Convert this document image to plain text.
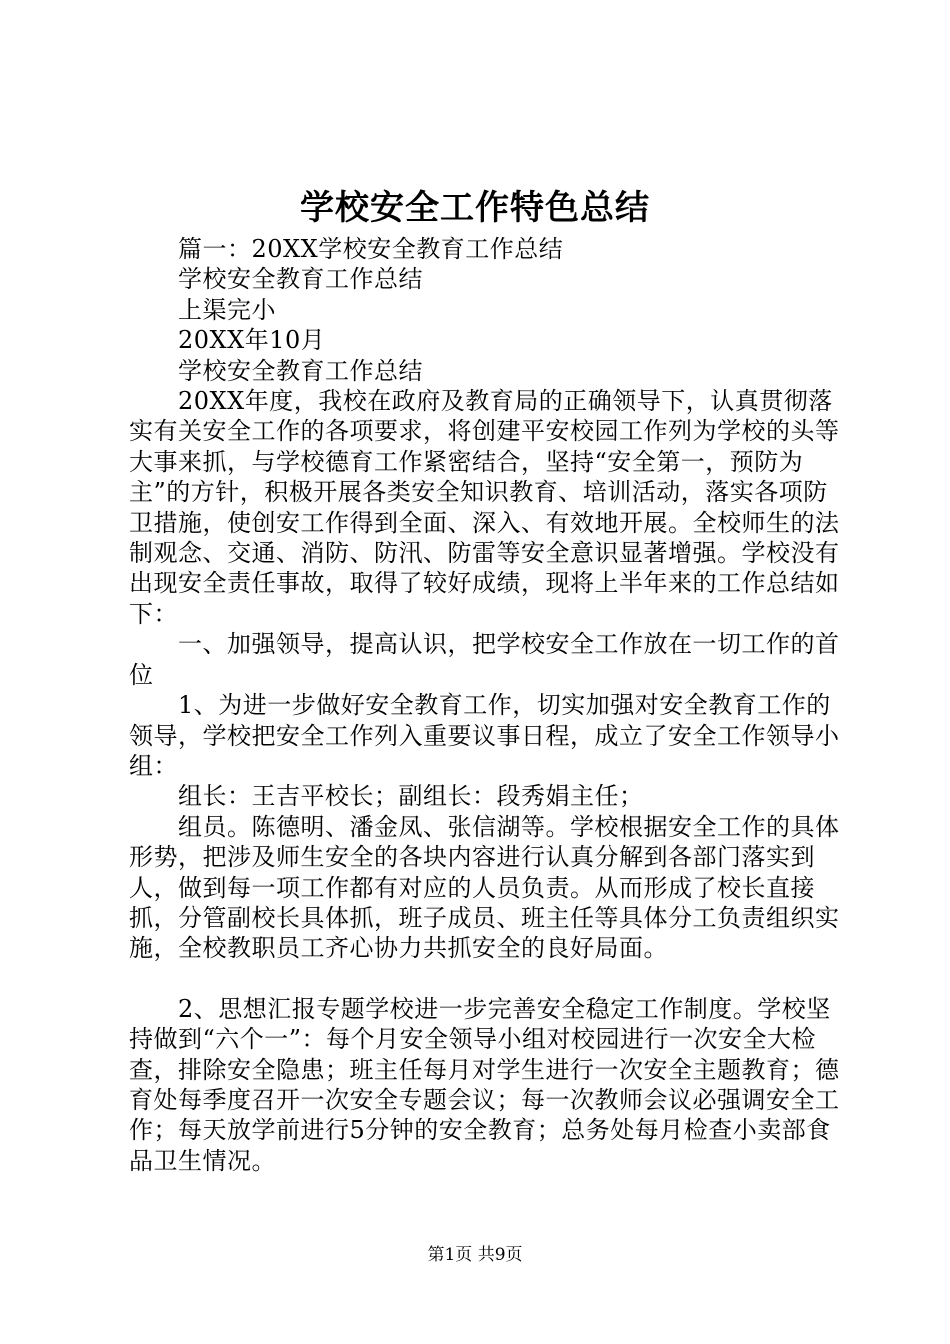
学校安全工作特色总结

篇一：20XX学校安全教育工作总结

学校安全教育工作总结

上渠完小

20XX年10月

学校安全教育工作总结

20XX年度，我校在政府及教育局的正确领导下，认真贯彻落实有关安全工作的各项要求，将创建平安校园工作列为学校的头等大事来抓，与学校德育工作紧密结合，坚持“安全第一，预防为主”的方针，积极开展各类安全知识教育、培训活动，落实各项防卫措施，使创安工作得到全面、深入、有效地开展。全校师生的法制观念、交通、消防、防汛、防雷等安全意识显著增强。学校没有出现安全责任事故，取得了较好成绩，现将上半年来的工作总结如下：

一、加强领导，提高认识，把学校安全工作放在一切工作的首位

1、为进一步做好安全教育工作，切实加强对安全教育工作的领导，学校把安全工作列入重要议事日程，成立了安全工作领导小组：

组长：王吉平校长；副组长：段秀娟主任；

组员。陈德明、潘金凤、张信湖等。学校根据安全工作的具体形势，把涉及师生安全的各块内容进行认真分解到各部门落实到人，做到每一项工作都有对应的人员负责。从而形成了校长直接抓，分管副校长具体抓，班子成员、班主任等具体分工负责组织实施，全校教职员工齐心协力共抓安全的良好局面。

2、思想汇报专题学校进一步完善安全稳定工作制度。学校坚持做到“六个一”：每个月安全领导小组对校园进行一次安全大检查，排除安全隐患；班主任每月对学生进行一次安全主题教育；德育处每季度召开一次安全专题会议；每一次教师会议必强调安全工作；每天放学前进行5分钟的安全教育；总务处每月检查小卖部食品卫生情况。

第1页 共9页
